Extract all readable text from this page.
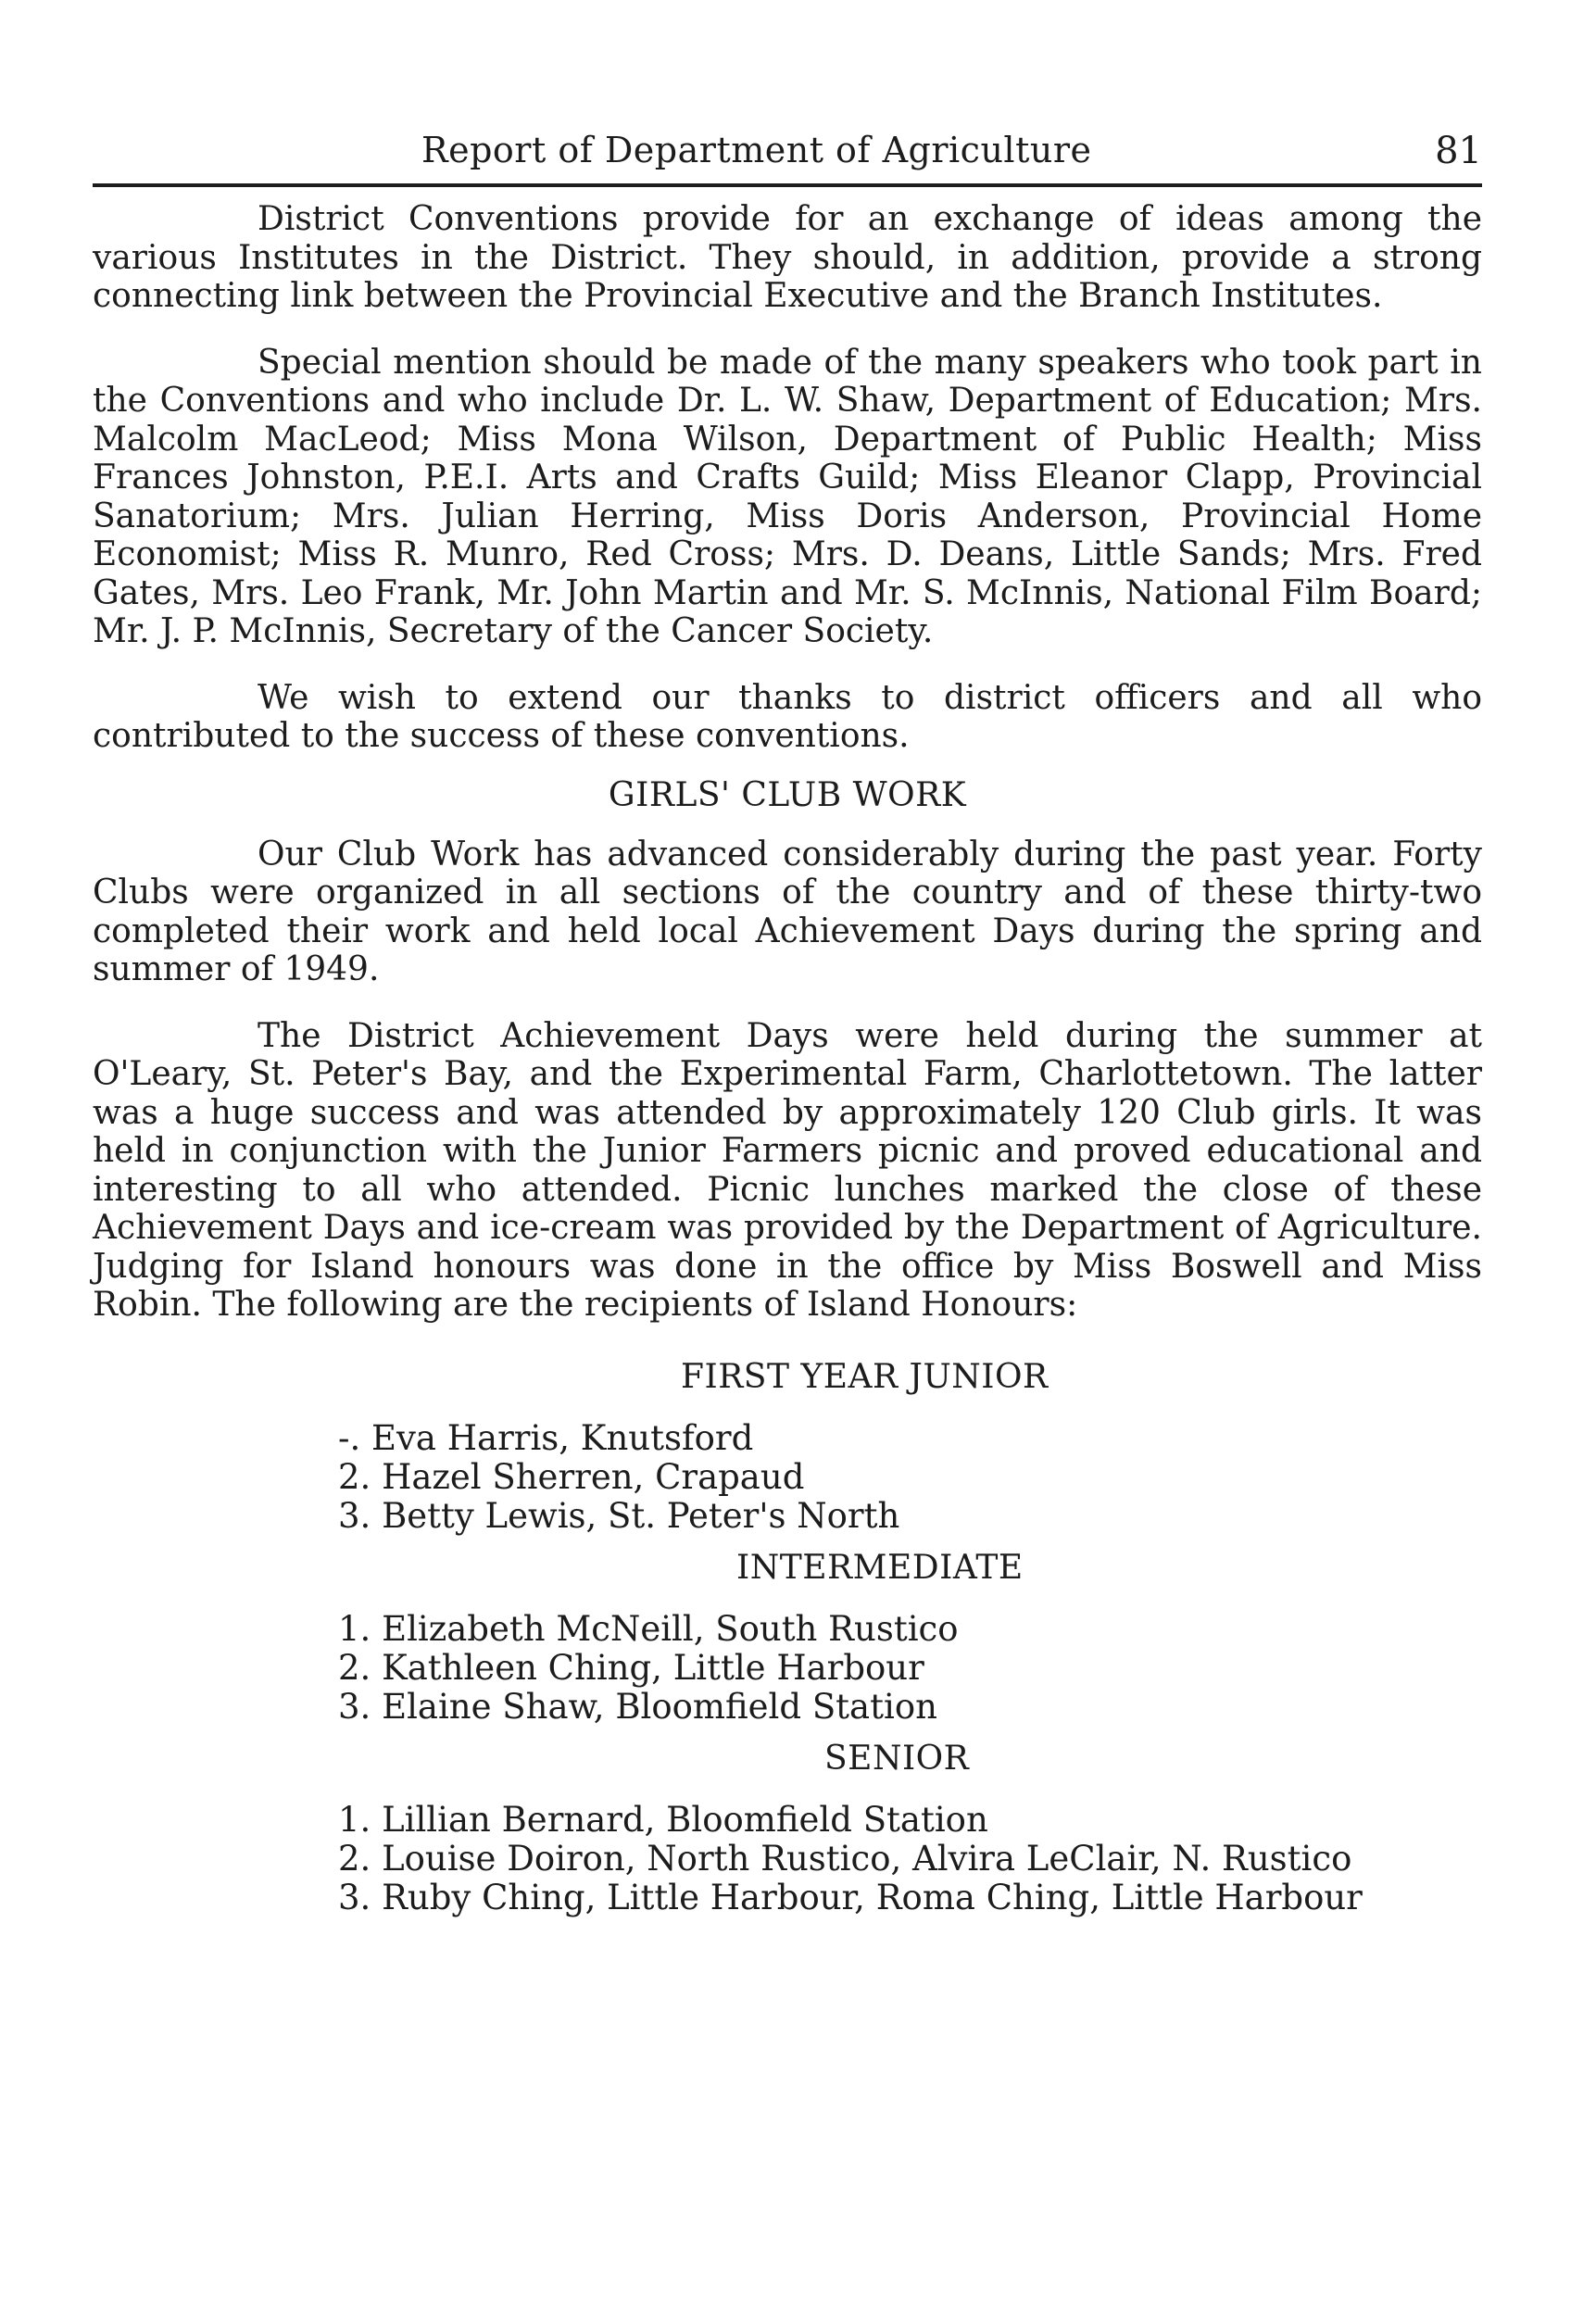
Report of Department of Agriculture	81

District Conventions provide for an exchange of ideas among the various Institutes in the District. They should, in addition, provide a strong connecting link between the Provincial Executive and the Branch Institutes.

Special mention should be made of the many speakers who took part in the Conventions and who include Dr. L. W. Shaw, Department of Education; Mrs. Malcolm MacLeod; Miss Mona Wilson, Department of Public Health; Miss Frances Johnston, P.E.I. Arts and Crafts Guild; Miss Eleanor Clapp, Provincial Sanatorium; Mrs. Julian Herring, Miss Doris Anderson, Provincial Home Economist; Miss R. Munro, Red Cross; Mrs. D. Deans, Little Sands; Mrs. Fred Gates, Mrs. Leo Frank, Mr. John Martin and Mr. S. McInnis, National Film Board; Mr. J. P. McInnis, Secretary of the Cancer Society.

We wish to extend our thanks to district officers and all who contributed to the success of these conventions.

GIRLS' CLUB WORK

Our Club Work has advanced considerably during the past year. Forty Clubs were organized in all sections of the country and of these thirty-two completed their work and held local Achievement Days during the spring and summer of 1949.

The District Achievement Days were held during the summer at O'Leary, St. Peter's Bay, and the Experimental Farm, Charlottetown. The latter was a huge success and was attended by approximately 120 Club girls. It was held in conjunction with the Junior Farmers picnic and proved educational and interesting to all who attended. Picnic lunches marked the close of these Achievement Days and ice-cream was provided by the Department of Agriculture. Judging for Island honours was done in the office by Miss Boswell and Miss Robin. The following are the recipients of Island Honours:

FIRST YEAR JUNIOR
-. Eva Harris, Knutsford
2. Hazel Sherren, Crapaud
3. Betty Lewis, St. Peter's North
INTERMEDIATE
1. Elizabeth McNeill, South Rustico
2. Kathleen Ching, Little Harbour
3. Elaine Shaw, Bloomfield Station
SENIOR
1. Lillian Bernard, Bloomfield Station
2. Louise Doiron, North Rustico, Alvira LeClair, N. Rustico
3. Ruby Ching, Little Harbour, Roma Ching, Little Harbour
